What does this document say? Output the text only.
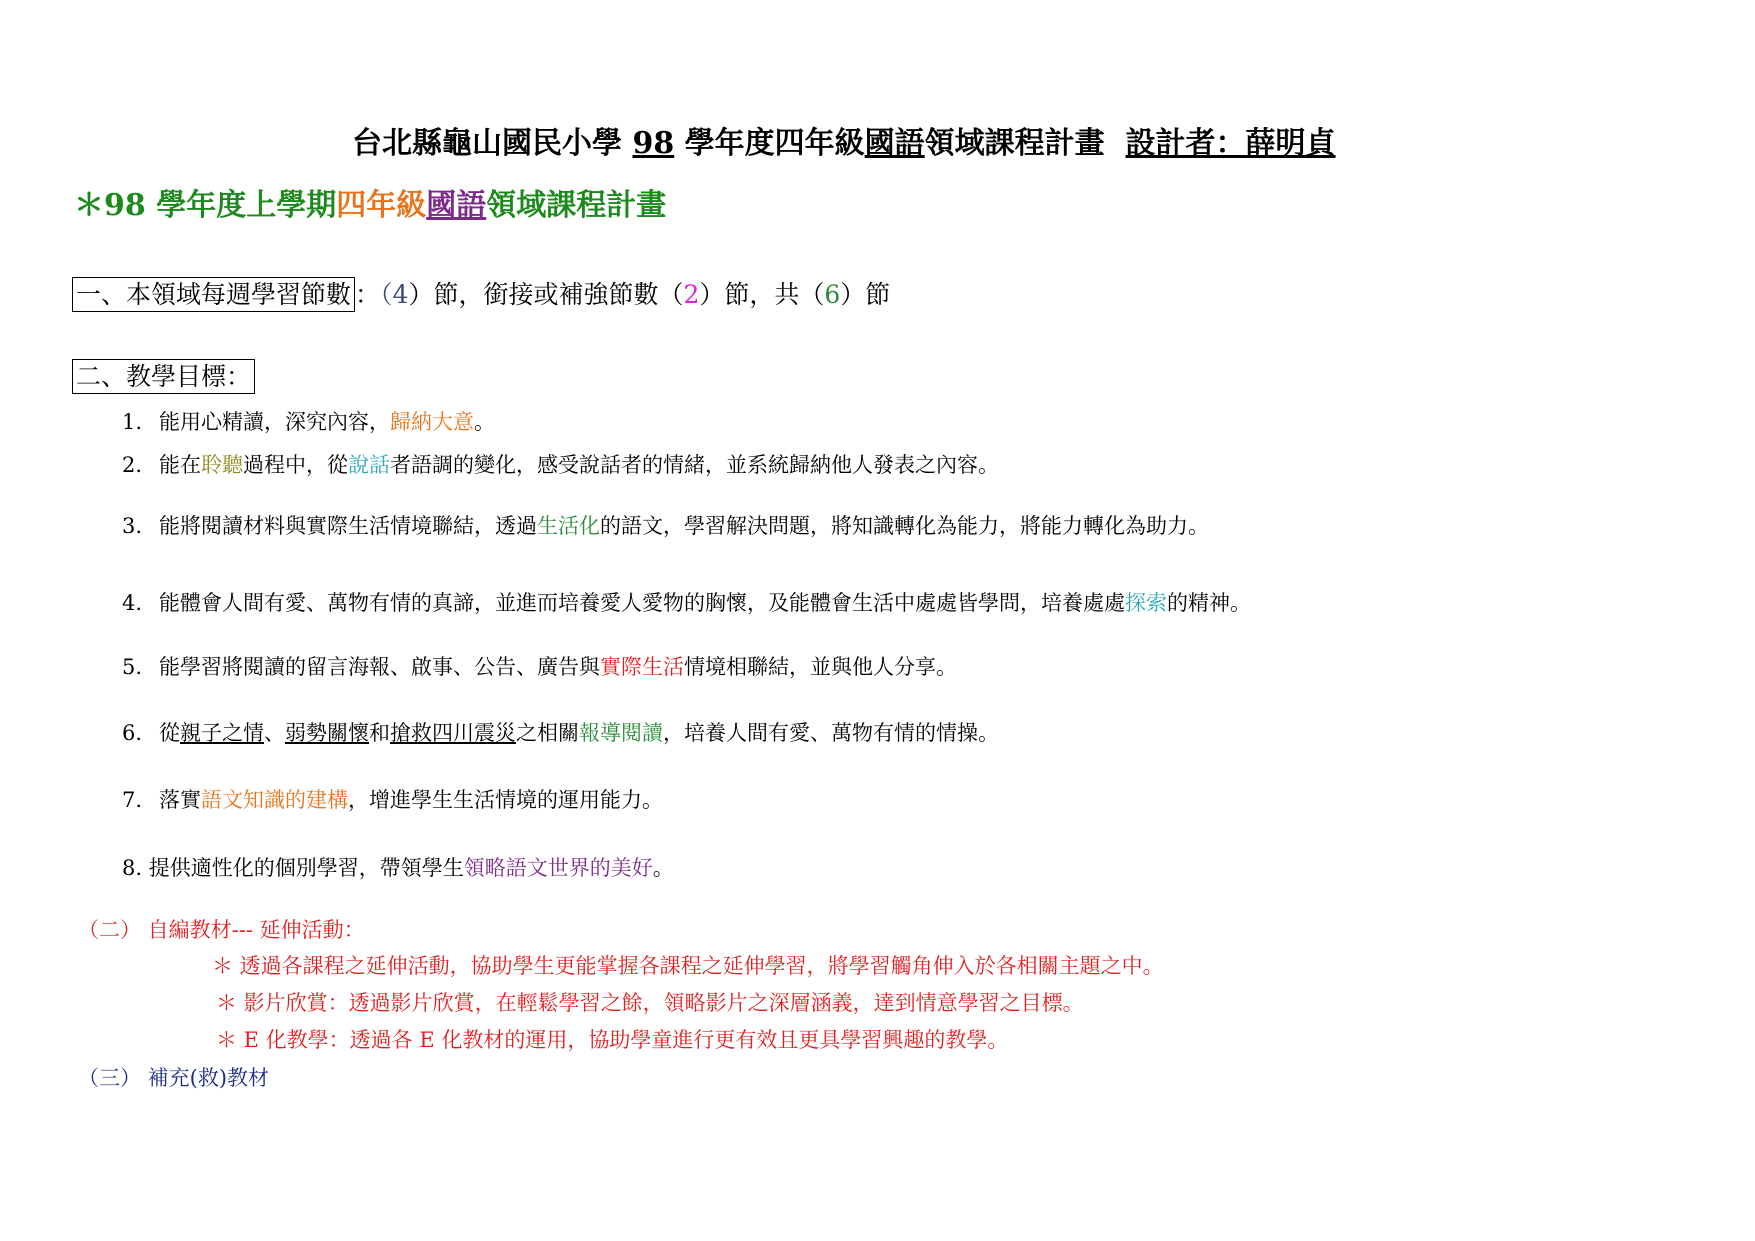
台北縣龜山國民小學 98 學年度四年級國語領域課程計畫 設計者：薛明貞
＊98 學年度上學期四年級國語領域課程計畫
一、本領域每週學習節數 ：（4）節，銜接或補強節數（2）節，共（6）節
二、教學目標：
1. 能用心精讀，深究內容，歸納大意。
2. 能在聆聽過程中，從說話者語調的變化，感受說話者的情緒，並系統歸納他人發表之內容。
3. 能將閱讀材料與實際生活情境聯結，透過生活化的語文，學習解決問題，將知識轉化為能力，將能力轉化為助力。
4. 能體會人間有愛、萬物有情的真諦，並進而培養愛人愛物的胸懷，及能體會生活中處處皆學問，培養處處探索的精神。
5. 能學習將閱讀的留言海報、啟事、公告、廣告與實際生活情境相聯結，並與他人分享。
6. 從親子之情、弱勢關懷和搶救四川震災之相關報導閱讀，培養人間有愛、萬物有情的情操。
7. 落實語文知識的建構，增進學生生活情境的運用能力。
8. 提供適性化的個別學習，帶領學生領略語文世界的美好。
（二） 自編教材--- 延伸活動：
＊ 透過各課程之延伸活動，協助學生更能掌握各課程之延伸學習，將學習觸角伸入於各相關主題之中。
＊ 影片欣賞：透過影片欣賞，在輕鬆學習之餘，領略影片之深層涵義，達到情意學習之目標。
＊ E 化教學：透過各 E 化教材的運用，協助學童進行更有效且更具學習興趣的教學。
（三） 補充(救)教材
